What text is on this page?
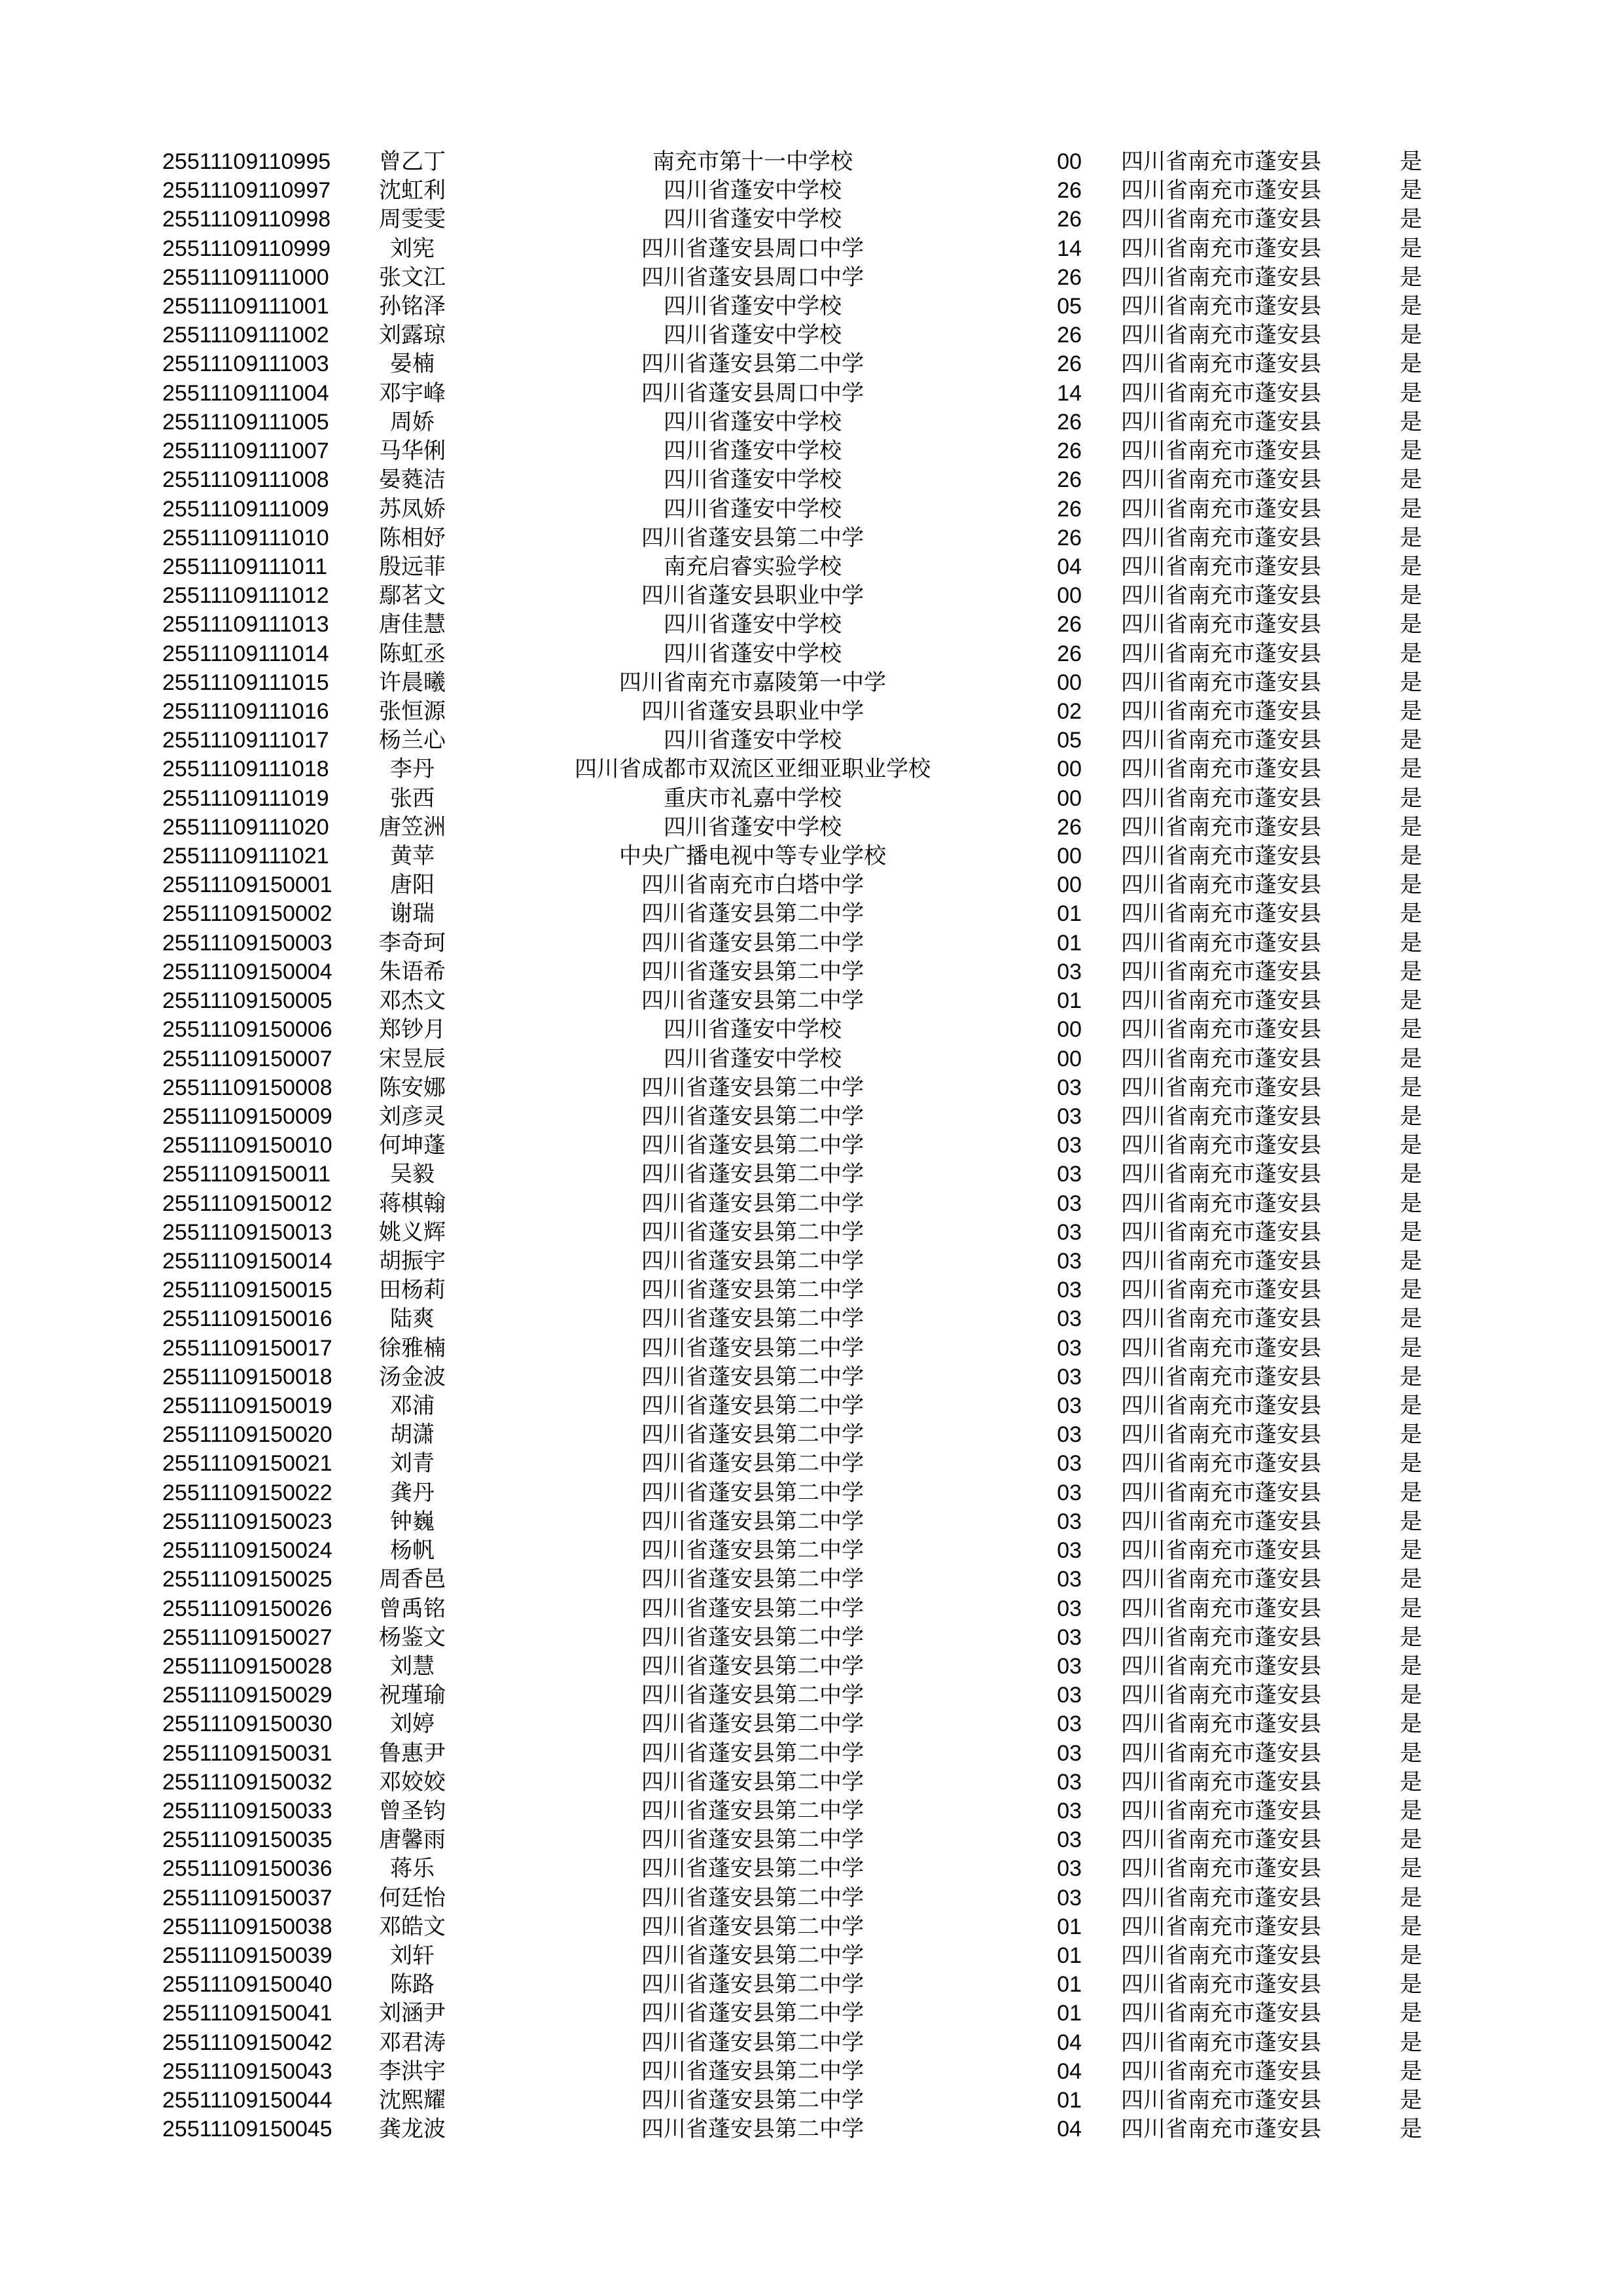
25511109110995	曾乙丁	南充市第十一中学校	00	四川省南充市蓬安县	是
25511109110997	沈虹利	四川省蓬安中学校	26	四川省南充市蓬安县	是
25511109110998	周雯雯	四川省蓬安中学校	26	四川省南充市蓬安县	是
25511109110999	刘宪	四川省蓬安县周口中学	14	四川省南充市蓬安县	是
25511109111000	张文江	四川省蓬安县周口中学	26	四川省南充市蓬安县	是
25511109111001	孙铭泽	四川省蓬安中学校	05	四川省南充市蓬安县	是
25511109111002	刘露琼	四川省蓬安中学校	26	四川省南充市蓬安县	是
25511109111003	晏楠	四川省蓬安县第二中学	26	四川省南充市蓬安县	是
25511109111004	邓宇峰	四川省蓬安县周口中学	14	四川省南充市蓬安县	是
25511109111005	周娇	四川省蓬安中学校	26	四川省南充市蓬安县	是
25511109111007	马华俐	四川省蓬安中学校	26	四川省南充市蓬安县	是
25511109111008	晏蕤洁	四川省蓬安中学校	26	四川省南充市蓬安县	是
25511109111009	苏凤娇	四川省蓬安中学校	26	四川省南充市蓬安县	是
25511109111010	陈相妤	四川省蓬安县第二中学	26	四川省南充市蓬安县	是
25511109111011	殷远菲	南充启睿实验学校	04	四川省南充市蓬安县	是
25511109111012	鄢茗文	四川省蓬安县职业中学	00	四川省南充市蓬安县	是
25511109111013	唐佳慧	四川省蓬安中学校	26	四川省南充市蓬安县	是
25511109111014	陈虹丞	四川省蓬安中学校	26	四川省南充市蓬安县	是
25511109111015	许晨曦	四川省南充市嘉陵第一中学	00	四川省南充市蓬安县	是
25511109111016	张恒源	四川省蓬安县职业中学	02	四川省南充市蓬安县	是
25511109111017	杨兰心	四川省蓬安中学校	05	四川省南充市蓬安县	是
25511109111018	李丹	四川省成都市双流区亚细亚职业学校	00	四川省南充市蓬安县	是
25511109111019	张西	重庆市礼嘉中学校	00	四川省南充市蓬安县	是
25511109111020	唐笠洲	四川省蓬安中学校	26	四川省南充市蓬安县	是
25511109111021	黄苹	中央广播电视中等专业学校	00	四川省南充市蓬安县	是
25511109150001	唐阳	四川省南充市白塔中学	00	四川省南充市蓬安县	是
25511109150002	谢瑞	四川省蓬安县第二中学	01	四川省南充市蓬安县	是
25511109150003	李奇珂	四川省蓬安县第二中学	01	四川省南充市蓬安县	是
25511109150004	朱语希	四川省蓬安县第二中学	03	四川省南充市蓬安县	是
25511109150005	邓杰文	四川省蓬安县第二中学	01	四川省南充市蓬安县	是
25511109150006	郑钞月	四川省蓬安中学校	00	四川省南充市蓬安县	是
25511109150007	宋昱辰	四川省蓬安中学校	00	四川省南充市蓬安县	是
25511109150008	陈安娜	四川省蓬安县第二中学	03	四川省南充市蓬安县	是
25511109150009	刘彦灵	四川省蓬安县第二中学	03	四川省南充市蓬安县	是
25511109150010	何坤蓬	四川省蓬安县第二中学	03	四川省南充市蓬安县	是
25511109150011	吴毅	四川省蓬安县第二中学	03	四川省南充市蓬安县	是
25511109150012	蒋棋翰	四川省蓬安县第二中学	03	四川省南充市蓬安县	是
25511109150013	姚义辉	四川省蓬安县第二中学	03	四川省南充市蓬安县	是
25511109150014	胡振宇	四川省蓬安县第二中学	03	四川省南充市蓬安县	是
25511109150015	田杨莉	四川省蓬安县第二中学	03	四川省南充市蓬安县	是
25511109150016	陆爽	四川省蓬安县第二中学	03	四川省南充市蓬安县	是
25511109150017	徐雅楠	四川省蓬安县第二中学	03	四川省南充市蓬安县	是
25511109150018	汤金波	四川省蓬安县第二中学	03	四川省南充市蓬安县	是
25511109150019	邓浦	四川省蓬安县第二中学	03	四川省南充市蓬安县	是
25511109150020	胡潇	四川省蓬安县第二中学	03	四川省南充市蓬安县	是
25511109150021	刘青	四川省蓬安县第二中学	03	四川省南充市蓬安县	是
25511109150022	龚丹	四川省蓬安县第二中学	03	四川省南充市蓬安县	是
25511109150023	钟巍	四川省蓬安县第二中学	03	四川省南充市蓬安县	是
25511109150024	杨帆	四川省蓬安县第二中学	03	四川省南充市蓬安县	是
25511109150025	周香邑	四川省蓬安县第二中学	03	四川省南充市蓬安县	是
25511109150026	曾禹铭	四川省蓬安县第二中学	03	四川省南充市蓬安县	是
25511109150027	杨鉴文	四川省蓬安县第二中学	03	四川省南充市蓬安县	是
25511109150028	刘慧	四川省蓬安县第二中学	03	四川省南充市蓬安县	是
25511109150029	祝瑾瑜	四川省蓬安县第二中学	03	四川省南充市蓬安县	是
25511109150030	刘婷	四川省蓬安县第二中学	03	四川省南充市蓬安县	是
25511109150031	鲁惠尹	四川省蓬安县第二中学	03	四川省南充市蓬安县	是
25511109150032	邓姣姣	四川省蓬安县第二中学	03	四川省南充市蓬安县	是
25511109150033	曾圣钧	四川省蓬安县第二中学	03	四川省南充市蓬安县	是
25511109150035	唐馨雨	四川省蓬安县第二中学	03	四川省南充市蓬安县	是
25511109150036	蒋乐	四川省蓬安县第二中学	03	四川省南充市蓬安县	是
25511109150037	何廷怡	四川省蓬安县第二中学	03	四川省南充市蓬安县	是
25511109150038	邓皓文	四川省蓬安县第二中学	01	四川省南充市蓬安县	是
25511109150039	刘轩	四川省蓬安县第二中学	01	四川省南充市蓬安县	是
25511109150040	陈路	四川省蓬安县第二中学	01	四川省南充市蓬安县	是
25511109150041	刘涵尹	四川省蓬安县第二中学	01	四川省南充市蓬安县	是
25511109150042	邓君涛	四川省蓬安县第二中学	04	四川省南充市蓬安县	是
25511109150043	李洪宇	四川省蓬安县第二中学	04	四川省南充市蓬安县	是
25511109150044	沈熙耀	四川省蓬安县第二中学	01	四川省南充市蓬安县	是
25511109150045	龚龙波	四川省蓬安县第二中学	04	四川省南充市蓬安县	是
